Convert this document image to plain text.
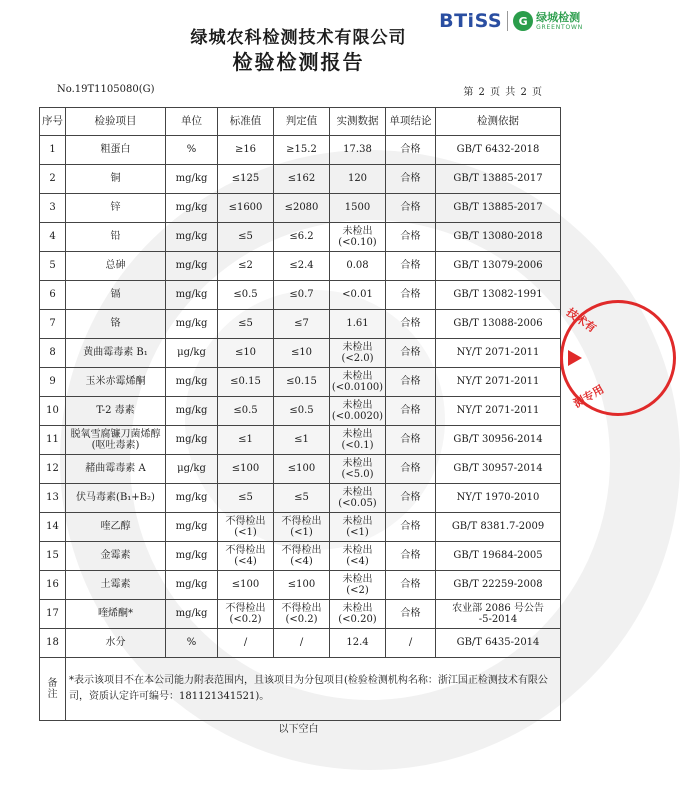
BTiSS	G 绿城检测
GREENTOWN
绿城农科检测技术有限公司
检验检测报告
No.19T1105080(G)	第 2 页 共 2 页
序号	检验项目	单位	标准值	判定值	实测数据	单项结论	检测依据
1	粗蛋白	%	≥16	≥15.2	17.38	合格	GB/T 6432-2018
2	铜	mg/kg	≤125	≤162	120	合格	GB/T 13885-2017
3	锌	mg/kg	≤1600	≤2080	1500	合格	GB/T 13885-2017
4	铅	mg/kg	≤5	≤6.2	未检出
(<0.10)	合格	GB/T 13080-2018
5	总砷	mg/kg	≤2	≤2.4	0.08	合格	GB/T 13079-2006
6	镉	mg/kg	≤0.5	≤0.7	<0.01	合格	GB/T 13082-1991
7	铬	mg/kg	≤5	≤7	1.61	合格	GB/T 13088-2006
8	黄曲霉毒素 B₁	μg/kg	≤10	≤10	未检出
(<2.0)	合格	NY/T 2071-2011
9	玉米赤霉烯酮	mg/kg	≤0.15	≤0.15	未检出
(<0.0100)	合格	NY/T 2071-2011
10	T-2 毒素	mg/kg	≤0.5	≤0.5	未检出
(<0.0020)	合格	NY/T 2071-2011
11	脱氧雪腐镰刀菌烯醇
(呕吐毒素)	mg/kg	≤1	≤1	未检出
(<0.1)	合格	GB/T 30956-2014
12	赭曲霉毒素 A	μg/kg	≤100	≤100	未检出
(<5.0)	合格	GB/T 30957-2014
13	伏马毒素(B₁+B₂)	mg/kg	≤5	≤5	未检出
(<0.05)	合格	NY/T 1970-2010
14	喹乙醇	mg/kg	不得检出
(<1)	不得检出
(<1)	未检出
(<1)	合格	GB/T 8381.7-2009
15	金霉素	mg/kg	不得检出
(<4)	不得检出
(<4)	未检出
(<4)	合格	GB/T 19684-2005
16	土霉素	mg/kg	≤100	≤100	未检出
(<2)	合格	GB/T 22259-2008
17	喹烯酮*	mg/kg	不得检出
(<0.2)	不得检出
(<0.2)	未检出
(<0.20)	合格	农业部 2086 号公告
-5-2014
18	水分	%	/	/	12.4	/	GB/T 6435-2014
备
注	*表示该项目不在本公司能力附表范围内，且该项目为分包项目(检验检测机构名称：浙江国正检测技术有限公司，资质认定许可编号：181121341521)。						
以下空白
技术有
测专用
